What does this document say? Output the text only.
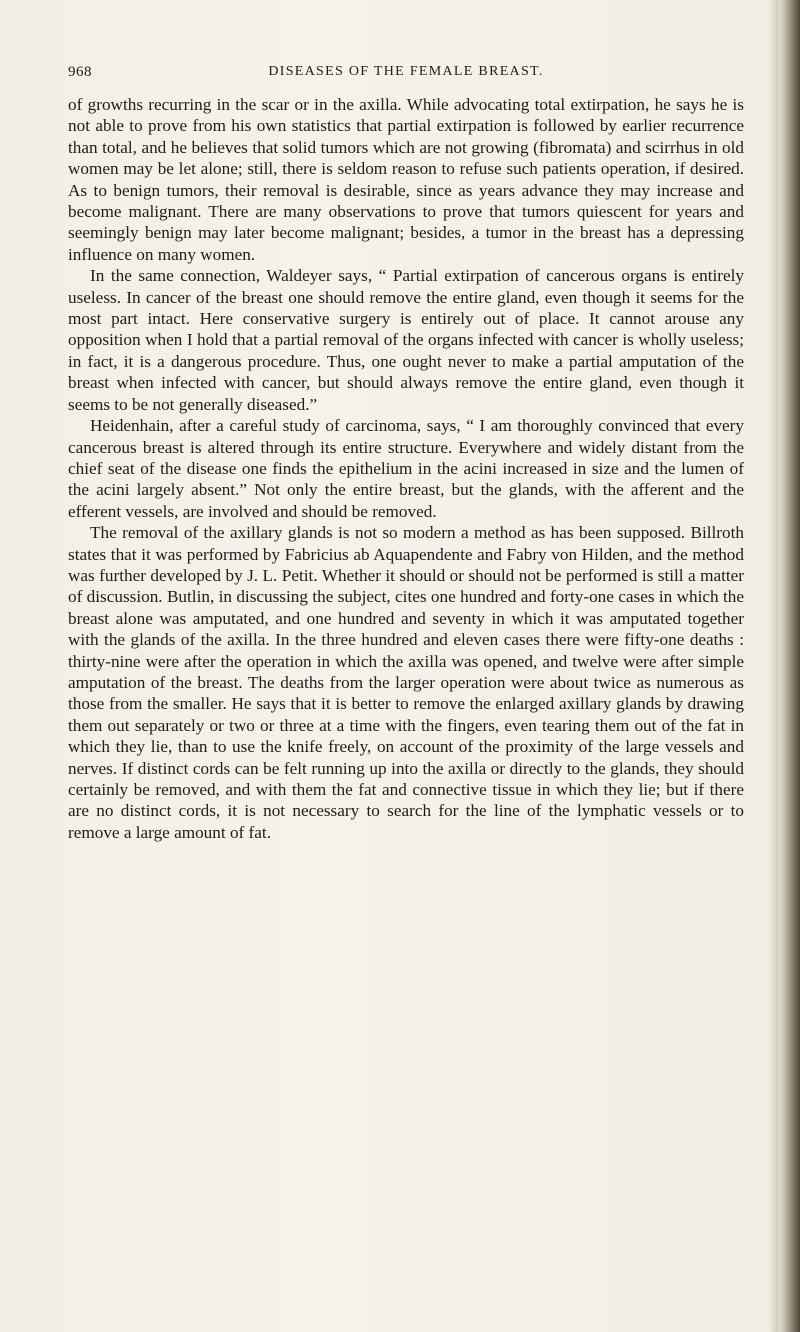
968	DISEASES OF THE FEMALE BREAST.

of growths recurring in the scar or in the axilla. While advocating total extirpation, he says he is not able to prove from his own statistics that partial extirpation is followed by earlier recurrence than total, and he believes that solid tumors which are not growing (fibromata) and scirrhus in old women may be let alone; still, there is seldom reason to refuse such patients operation, if desired. As to benign tumors, their removal is desirable, since as years advance they may increase and become malignant. There are many observations to prove that tumors quiescent for years and seemingly benign may later become malignant; besides, a tumor in the breast has a depressing influence on many women.

In the same connection, Waldeyer says, “ Partial extirpation of cancerous organs is entirely useless. In cancer of the breast one should remove the entire gland, even though it seems for the most part intact. Here conservative surgery is entirely out of place. It cannot arouse any opposition when I hold that a partial removal of the organs infected with cancer is wholly useless; in fact, it is a dangerous procedure. Thus, one ought never to make a partial amputation of the breast when infected with cancer, but should always remove the entire gland, even though it seems to be not generally diseased.”

Heidenhain, after a careful study of carcinoma, says, “ I am thoroughly convinced that every cancerous breast is altered through its entire structure. Everywhere and widely distant from the chief seat of the disease one finds the epithelium in the acini increased in size and the lumen of the acini largely absent.” Not only the entire breast, but the glands, with the afferent and the efferent vessels, are involved and should be removed.

The removal of the axillary glands is not so modern a method as has been supposed. Billroth states that it was performed by Fabricius ab Aquapendente and Fabry von Hilden, and the method was further developed by J. L. Petit. Whether it should or should not be performed is still a matter of discussion. Butlin, in discussing the subject, cites one hundred and forty-one cases in which the breast alone was amputated, and one hundred and seventy in which it was amputated together with the glands of the axilla. In the three hundred and eleven cases there were fifty-one deaths : thirty-nine were after the operation in which the axilla was opened, and twelve were after simple amputation of the breast. The deaths from the larger operation were about twice as numerous as those from the smaller. He says that it is better to remove the enlarged axillary glands by drawing them out separately or two or three at a time with the fingers, even tearing them out of the fat in which they lie, than to use the knife freely, on account of the proximity of the large vessels and nerves. If distinct cords can be felt running up into the axilla or directly to the glands, they should certainly be removed, and with them the fat and connective tissue in which they lie; but if there are no distinct cords, it is not necessary to search for the line of the lymphatic vessels or to remove a large amount of fat.
